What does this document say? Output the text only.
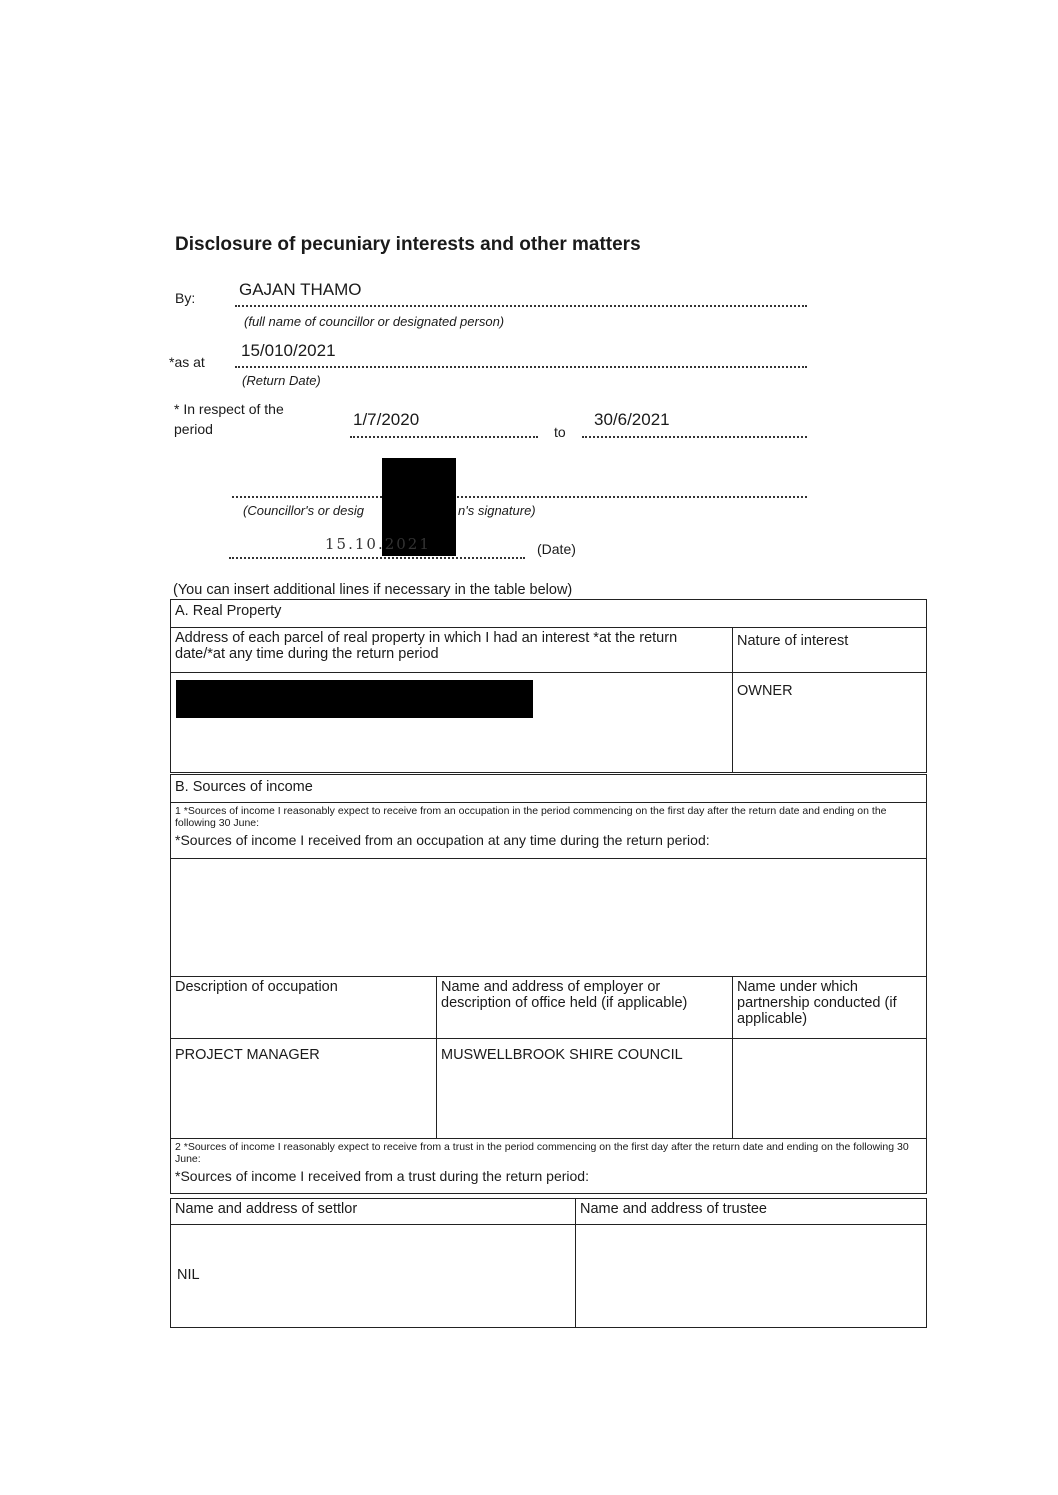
Disclosure of pecuniary interests and other matters
By:	GAJAN THAMO
(full name of councillor or designated person)
*as at
15/010/2021
(Return Date)
* In respect of the
period	1/7/2020
to
30/6/2021
(Councillor's or desig	n's signature)
15.10.2021	(Date)
(You can insert additional lines if necessary in the table below)
A. Real Property	
Address of each parcel of real property in which I had an interest *at the return date/*at any time during the return period	Nature of interest

	OWNER
B. Sources of income		

1 *Sources of income I reasonably expect to receive from an occupation in the period commencing on the first day after the return date and ending on the following 30 June:
*Sources of income I received from an occupation at any time during the return period:		

Description of occupation	Name and address of employer or description of office held (if applicable)	Name under which partnership conducted (if applicable)
PROJECT MANAGER	MUSWELLBROOK SHIRE COUNCIL	

2 *Sources of income I reasonably expect to receive from a trust in the period commencing on the first day after the return date and ending on the following 30 June:
*Sources of income I received from a trust during the return period:		
Name and address of settlor	Name and address of trustee
NIL	
